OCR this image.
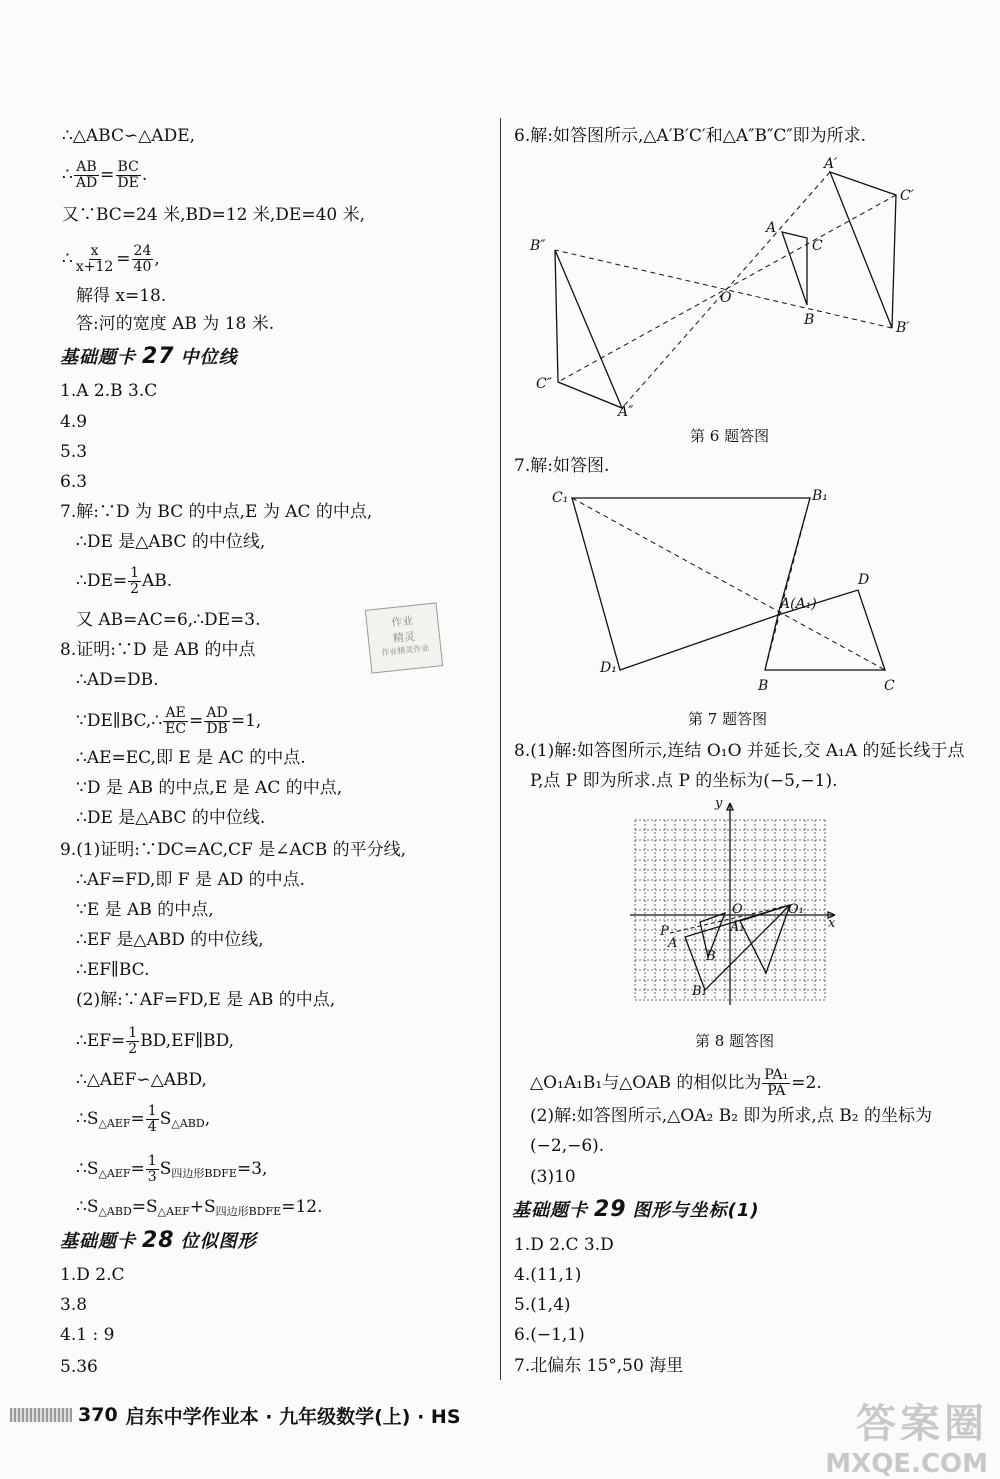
∴△ABC∽△ADE,
∴ $\frac{AB}{AD} = \frac{BC}{DE}$ .
又∵BC=24 米,BD=12 米,DE=40 米,
∴ $\frac{x}{x+12} = \frac{24}{40}$ ,
解得 x=18.
答:河的宽度 AB 为 18 米.
基础题卡 27 中位线
1.A 2.B 3.C
4.9
5.3
6.3
7.解:∵D 为 BC 的中点,E 为 AC 的中点,
∴DE 是△ABC 的中位线,
∴DE= $\frac{1}{2}$ AB.
又 AB=AC=6,∴DE=3.
8.证明:∵D 是 AB 的中点
∴AD=DB.
∵DE∥BC,∴ $\frac{AE}{EC} = \frac{AD}{DB} =1$,
∴AE=EC,即 E 是 AC 的中点.
∵D 是 AB 的中点,E 是 AC 的中点,
∴DE 是△ABC 的中位线.
9.(1)证明:∵DC=AC,CF 是∠ACB 的平分线,
∴AF=FD,即 F 是 AD 的中点.
∵E 是 AB 的中点,
∴EF 是△ABD 的中位线,
∴EF∥BC.
(2)解:∵AF=FD,E 是 AB 的中点,
∴EF= $\frac{1}{2}$ BD,EF∥BD,
∴△AEF∽△ABD,
$\therefore S_{\triangle AEF}= \frac{1}{4} S_{\triangle ABD}$,
$\therefore S_{\triangle AEF}= \frac{1}{3} S_{四边形BDFE}=3$,
$\therefore S_{\triangle ABD}=S_{\triangle AEF}+S_{四边形BDFE}=12$.
基础题卡 28 位似图形
1.D 2.C
3.8
4.1 : 9
5.36
作业
精灵
作业精灵作业
6.解:如答图所示,△A′B′C′和△A″B″C″即为所求.
A′
C′
B″
A
C
O
B	B′
C″
A″
第 6 题答图
7.解:如答图.
C₁	B₁
A(A₁)
D
D₁
B	C
第 7 题答图
8.(1)解:如答图所示,连结 O₁O 并延长,交 A₁A 的延长线于点
P,点 P 即为所求.点 P 的坐标为(−5,−1).
y
O	O₁
x
P
A
A₁
B
B₁
第 8 题答图
△O₁A₁B₁与△OAB 的相似比为 $\frac{\text{PA₁}}{PA} =2$.
(2)解:如答图所示,△OA₂ B₂ 即为所求,点 B₂ 的坐标为
(−2,−6).
(3)10
基础题卡 29 图形与坐标(1)
1.D 2.C 3.D
4.(11,1)
5.(1,4)
6.(−1,1)
7.北偏东 15°,50 海里
370 启东中学作业本 · 九年级数学(上) · HS	答案圈
MXQE.COM
